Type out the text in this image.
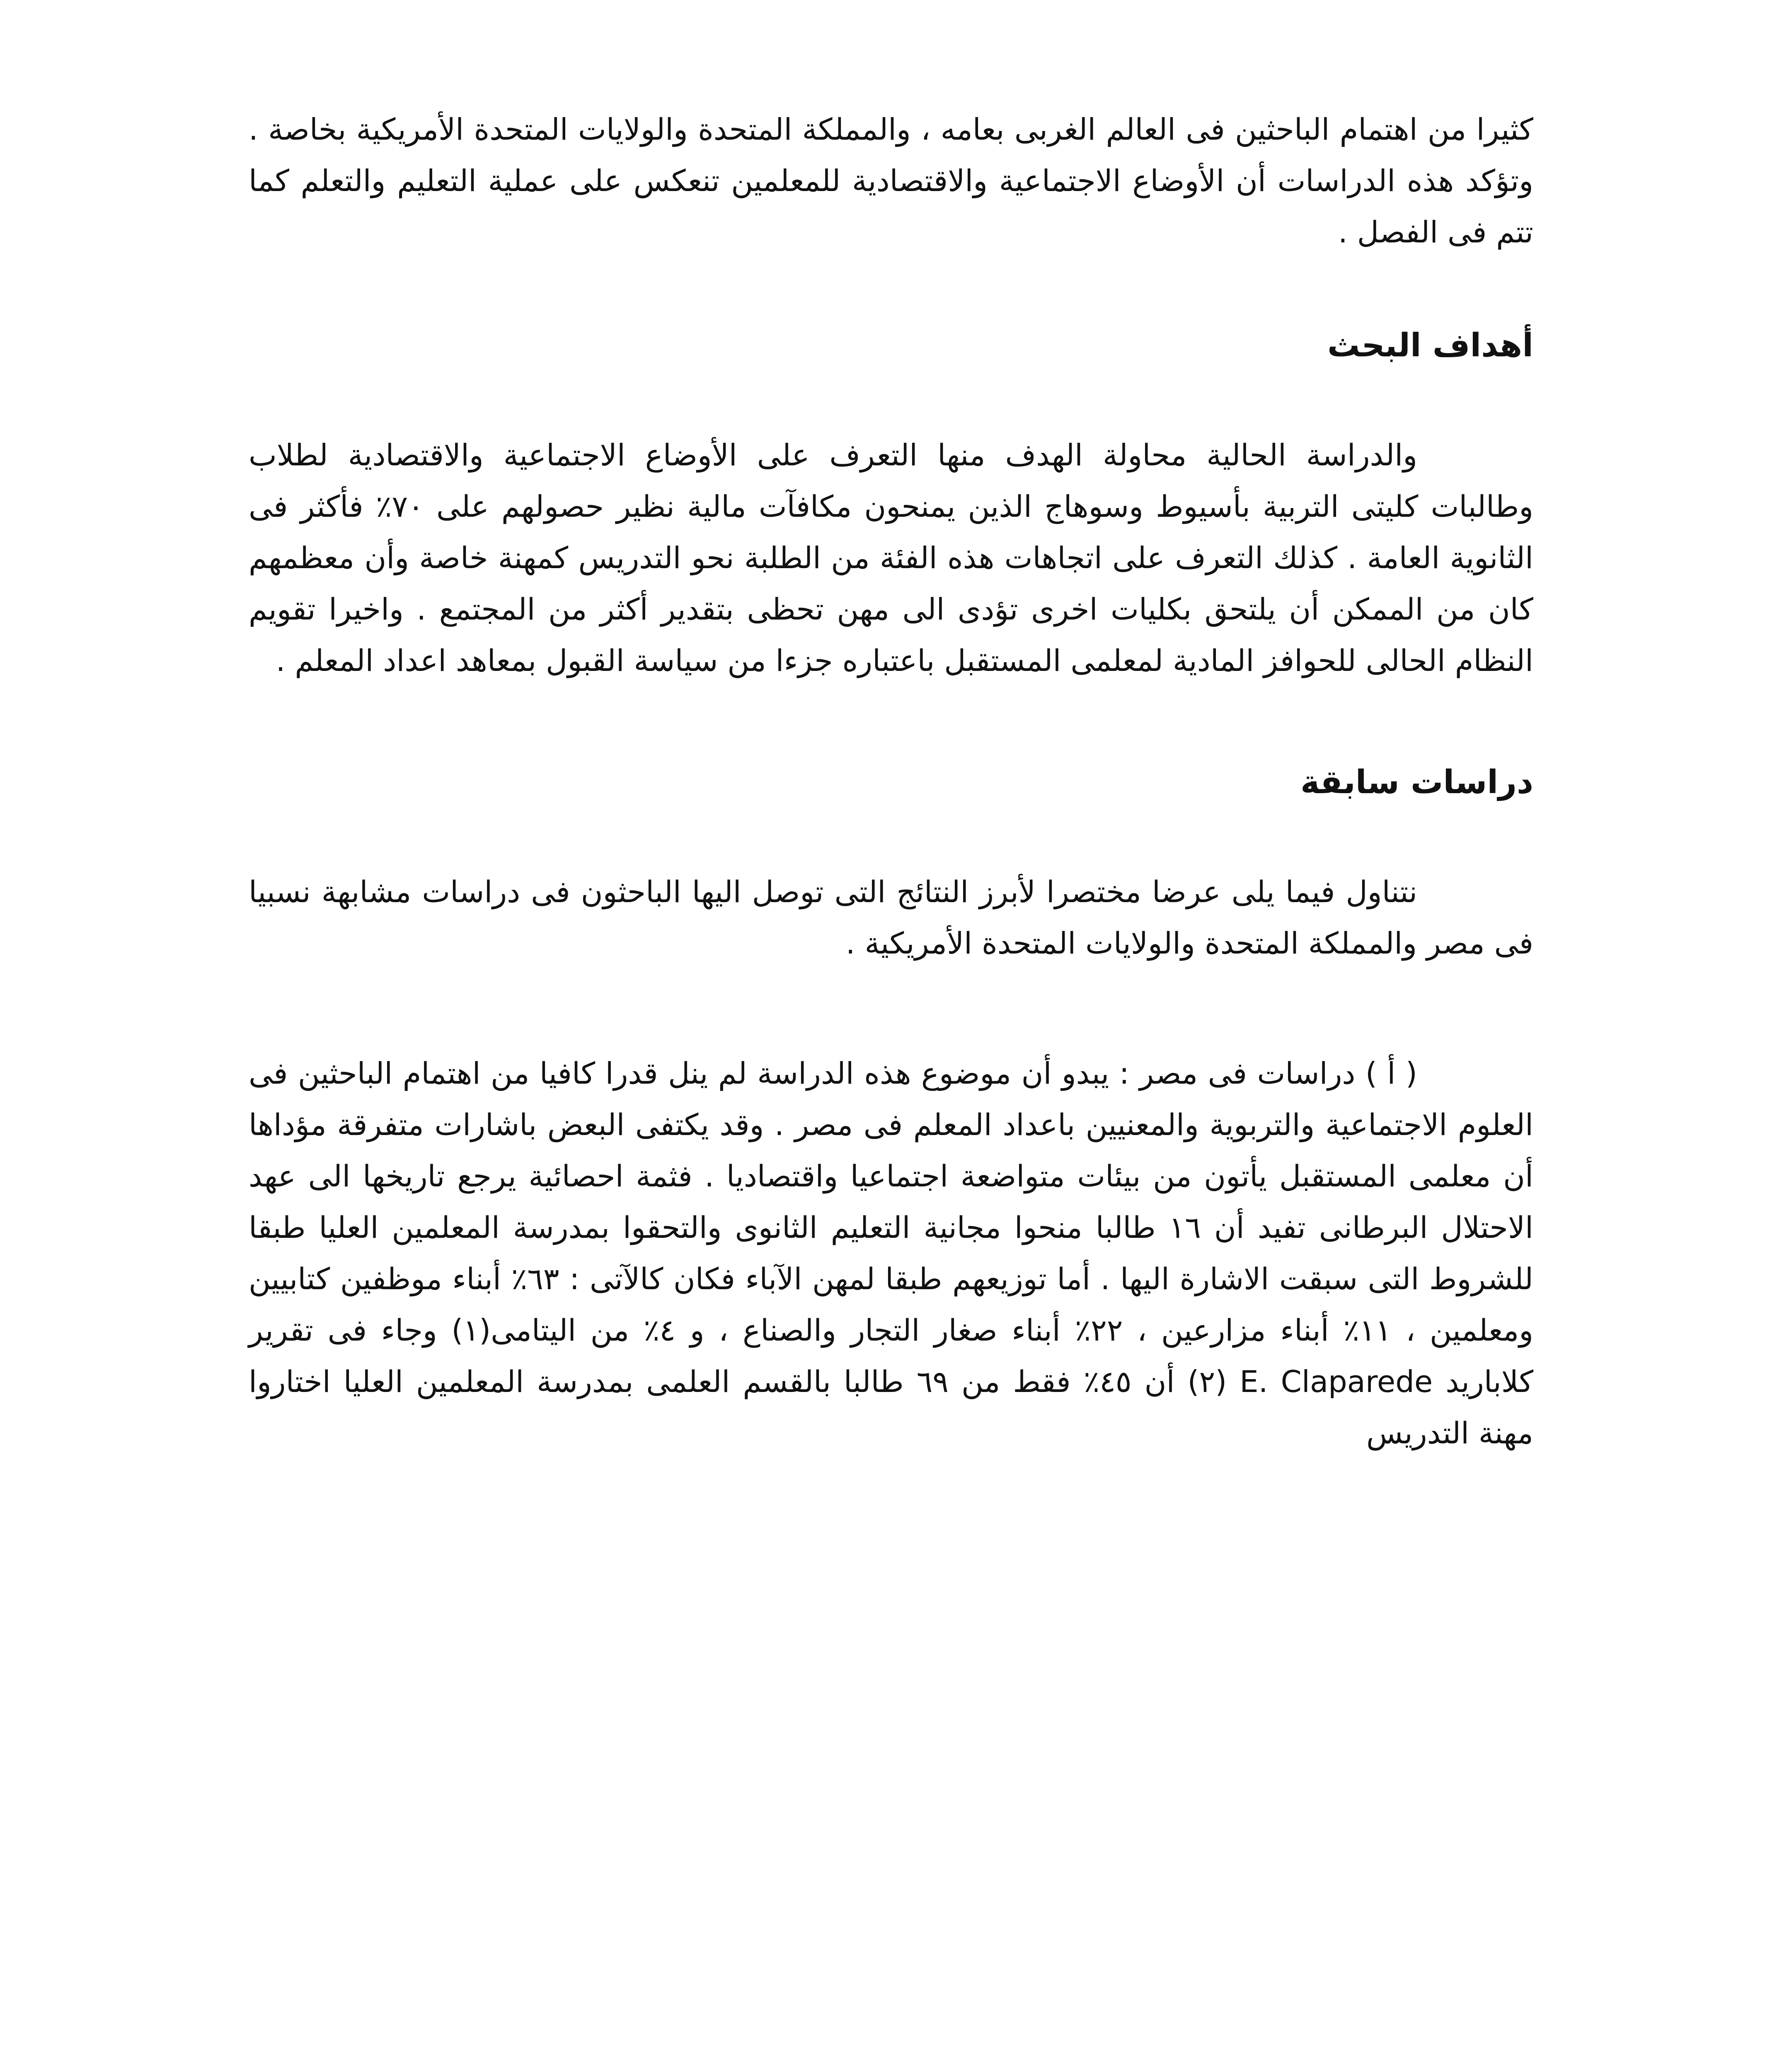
كثيرا من اهتمام الباحثين فى العالم الغربى بعامه ، والمملكة المتحدة والولايات المتحدة الأمريكية بخاصة . وتؤكد هذه الدراسات أن الأوضاع الاجتماعية والاقتصادية للمعلمين تنعكس على عملية التعليم والتعلم كما تتم فى الفصل .

أهداف البحث

والدراسة الحالية محاولة الهدف منها التعرف على الأوضاع الاجتماعية والاقتصادية لطلاب وطالبات كليتى التربية بأسيوط وسوهاج الذين يمنحون مكافآت مالية نظير حصولهم على ٧٠٪ فأكثر فى الثانوية العامة . كذلك التعرف على اتجاهات هذه الفئة من الطلبة نحو التدريس كمهنة خاصة وأن معظمهم كان من الممكن أن يلتحق بكليات اخرى تؤدى الى مهن تحظى بتقدير أكثر من المجتمع . واخيرا تقويم النظام الحالى للحوافز المادية لمعلمى المستقبل باعتباره جزءا من سياسة القبول بمعاهد اعداد المعلم .

دراسات سابقة

نتناول فيما يلى عرضا مختصرا لأبرز النتائج التى توصل اليها الباحثون فى دراسات مشابهة نسبيا فى مصر والمملكة المتحدة والولايات المتحدة الأمريكية .

( أ ) دراسات فى مصر : يبدو أن موضوع هذه الدراسة لم ينل قدرا كافيا من اهتمام الباحثين فى العلوم الاجتماعية والتربوية والمعنيين باعداد المعلم فى مصر . وقد يكتفى البعض باشارات متفرقة مؤداها أن معلمى المستقبل يأتون من بيئات متواضعة اجتماعيا واقتصاديا . فثمة احصائية يرجع تاريخها الى عهد الاحتلال البرطانى تفيد أن ١٦ طالبا منحوا مجانية التعليم الثانوى والتحقوا بمدرسة المعلمين العليا طبقا للشروط التى سبقت الاشارة اليها . أما توزيعهم طبقا لمهن الآباء فكان كالآتى : ٦٣٪ أبناء موظفين كتابيين ومعلمين ، ١١٪ أبناء مزارعين ، ٢٢٪ أبناء صغار التجار والصناع ، و ٤٪ من اليتامى(١) وجاء فى تقرير كلاباريد E. Claparede (٢) أن ٤٥٪ فقط من ٦٩ طالبا بالقسم العلمى بمدرسة المعلمين العليا اختاروا مهنة التدريس
